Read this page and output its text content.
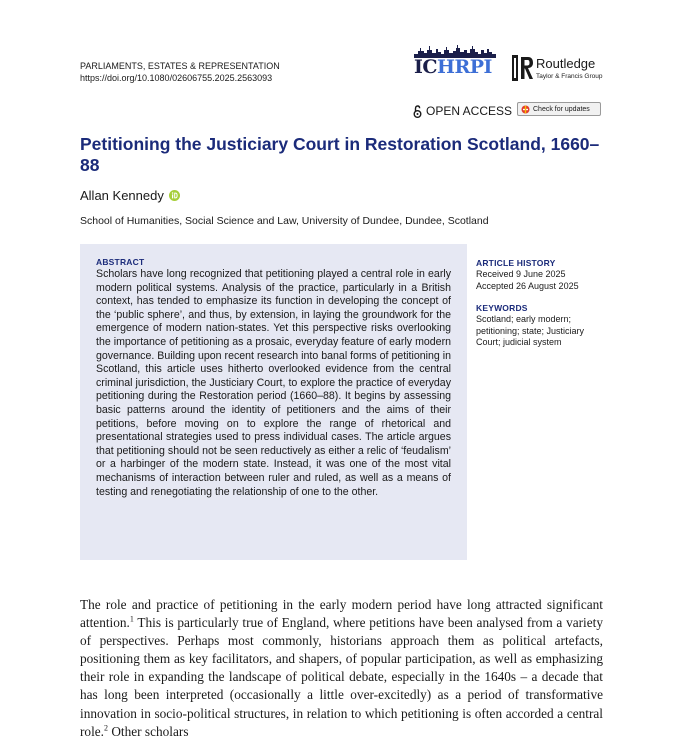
PARLIAMENTS, ESTATES & REPRESENTATION
https://doi.org/10.1080/02606755.2025.2563093	ICHRPI	Routledge
Taylor & Francis Group
OPEN ACCESS	Check for updates
Petitioning the Justiciary Court in Restoration Scotland, 1660–88
Allan Kennedy
School of Humanities, Social Science and Law, University of Dundee, Dundee, Scotland
ABSTRACT

Scholars have long recognized that petitioning played a central role in early modern political systems. Analysis of the practice, particularly in a British context, has tended to emphasize its function in developing the concept of the ‘public sphere’, and thus, by extension, in laying the groundwork for the emergence of modern nation-states. Yet this perspective risks overlooking the importance of petitioning as a prosaic, everyday feature of early modern governance. Building upon recent research into banal forms of petitioning in Scotland, this article uses hitherto overlooked evidence from the central criminal jurisdiction, the Justiciary Court, to explore the practice of everyday petitioning during the Restoration period (1660–88). It begins by assessing basic patterns around the identity of petitioners and the aims of their petitions, before moving on to explore the range of rhetorical and presentational strategies used to press individual cases. The article argues that petitioning should not be seen reductively as either a relic of ‘feudalism’ or a harbinger of the modern state. Instead, it was one of the most vital mechanisms of interaction between ruler and ruled, as well as a means of testing and renegotiating the relationship of one to the other.

ARTICLE HISTORY
Received 9 June 2025
Accepted 26 August 2025
KEYWORDS
Scotland; early modern; petitioning; state; Justiciary Court; judicial system

The role and practice of petitioning in the early modern period have long attracted significant attention.$^1$ This is particularly true of England, where petitions have been analysed from a variety of perspectives. Perhaps most commonly, historians approach them as political artefacts, positioning them as key facilitators, and shapers, of popular participation, as well as emphasizing their role in expanding the landscape of political debate, especially in the 1640s – a decade that has long been interpreted (occasionally a little over-excitedly) as a period of transformative innovation in socio-political structures, in relation to which petitioning is often accorded a central role.$^2$ Other scholars
